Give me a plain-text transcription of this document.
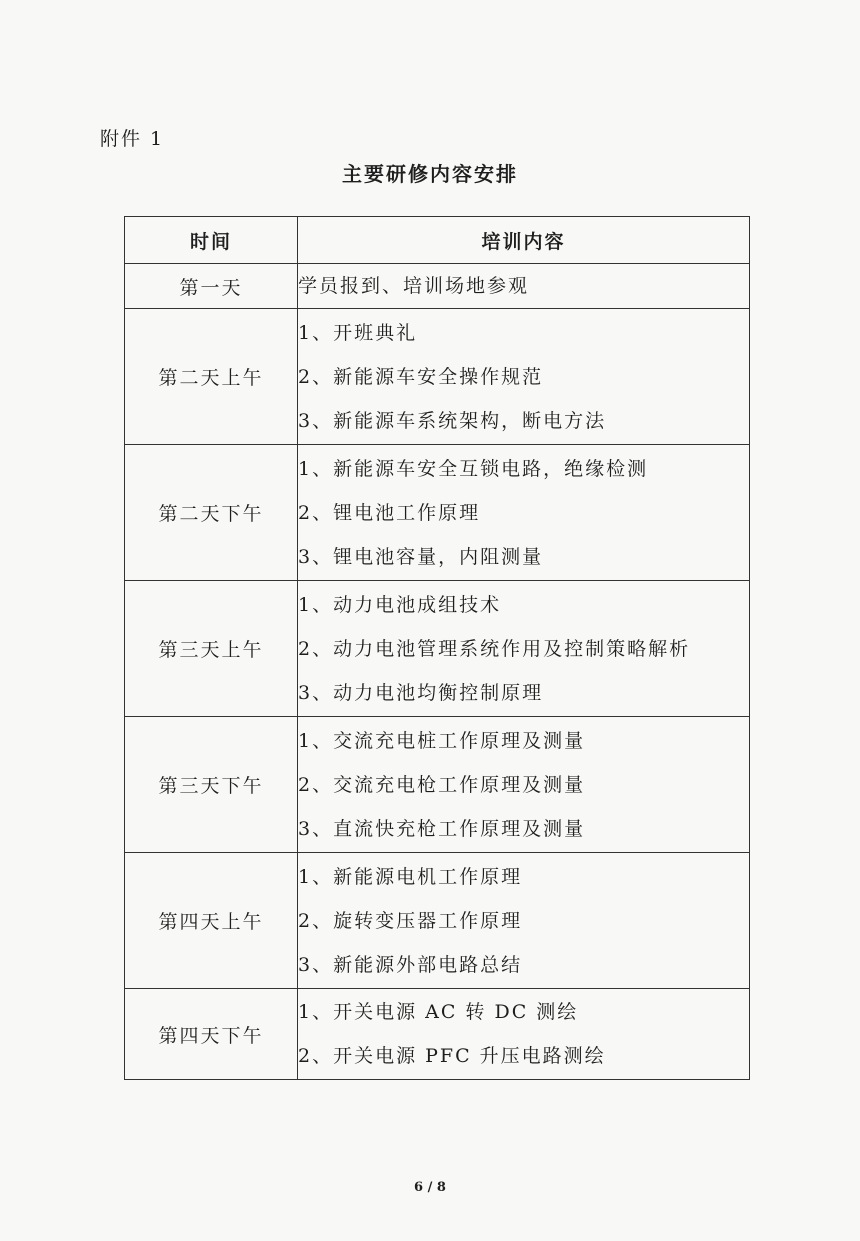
附件 1
主要研修内容安排
时间	培训内容
第一天	学员报到、培训场地参观

第二天上午	1、开班典礼
2、新能源车安全操作规范
3、新能源车系统架构，断电方法

第二天下午	1、新能源车安全互锁电路，绝缘检测
2、锂电池工作原理
3、锂电池容量，内阻测量

第三天上午	1、动力电池成组技术
2、动力电池管理系统作用及控制策略解析
3、动力电池均衡控制原理

第三天下午	1、交流充电桩工作原理及测量
2、交流充电枪工作原理及测量
3、直流快充枪工作原理及测量

第四天上午	1、新能源电机工作原理
2、旋转变压器工作原理
3、新能源外部电路总结

第四天下午	1、开关电源 AC 转 DC 测绘
2、开关电源 PFC 升压电路测绘
6 / 8
